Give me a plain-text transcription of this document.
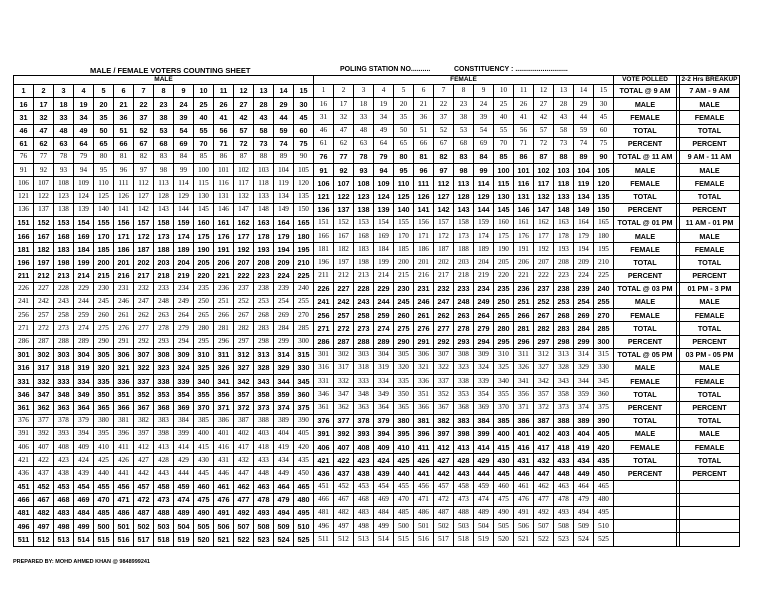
MALE / FEMALE VOTERS COUNTING SHEET	POLING STATION NO..........	CONSTITUENCY : ...........................
MALE															FEMALE															VOTE POLLED		2-2 Hrs BREAKUP
1	2	3	4	5	6	7	8	9	10	11	12	13	14	15	1	2	3	4	5	6	7	8	9	10	11	12	13	14	15	TOTAL @ 9 AM		7 AM - 9 AM
16	17	18	19	20	21	22	23	24	25	26	27	28	29	30	16	17	18	19	20	21	22	23	24	25	26	27	28	29	30	MALE		MALE
31	32	33	34	35	36	37	38	39	40	41	42	43	44	45	31	32	33	34	35	36	37	38	39	40	41	42	43	44	45	FEMALE		FEMALE
46	47	48	49	50	51	52	53	54	55	56	57	58	59	60	46	47	48	49	50	51	52	53	54	55	56	57	58	59	60	TOTAL		TOTAL
61	62	63	64	65	66	67	68	69	70	71	72	73	74	75	61	62	63	64	65	66	67	68	69	70	71	72	73	74	75	PERCENT		PERCENT
76	77	78	79	80	81	82	83	84	85	86	87	88	89	90	76	77	78	79	80	81	82	83	84	85	86	87	88	89	90	TOTAL @ 11 AM		9 AM - 11 AM
91	92	93	94	95	96	97	98	99	100	101	102	103	104	105	91	92	93	94	95	96	97	98	99	100	101	102	103	104	105	MALE		MALE
106	107	108	109	110	111	112	113	114	115	116	117	118	119	120	106	107	108	109	110	111	112	113	114	115	116	117	118	119	120	FEMALE		FEMALE
121	122	123	124	125	126	127	128	129	130	131	132	133	134	135	121	122	123	124	125	126	127	128	129	130	131	132	133	134	135	TOTAL		TOTAL
136	137	138	139	140	141	142	143	144	145	146	147	148	149	150	136	137	138	139	140	141	142	143	144	145	146	147	148	149	150	PERCENT		PERCENT
151	152	153	154	155	156	157	158	159	160	161	162	163	164	165	151	152	153	154	155	156	157	158	159	160	161	162	163	164	165	TOTAL @ 01 PM		11 AM - 01 PM
166	167	168	169	170	171	172	173	174	175	176	177	178	179	180	166	167	168	169	170	171	172	173	174	175	176	177	178	179	180	MALE		MALE
181	182	183	184	185	186	187	188	189	190	191	192	193	194	195	181	182	183	184	185	186	187	188	189	190	191	192	193	194	195	FEMALE		FEMALE
196	197	198	199	200	201	202	203	204	205	206	207	208	209	210	196	197	198	199	200	201	202	203	204	205	206	207	208	209	210	TOTAL		TOTAL
211	212	213	214	215	216	217	218	219	220	221	222	223	224	225	211	212	213	214	215	216	217	218	219	220	221	222	223	224	225	PERCENT		PERCENT
226	227	228	229	230	231	232	233	234	235	236	237	238	239	240	226	227	228	229	230	231	232	233	234	235	236	237	238	239	240	TOTAL @ 03 PM		01 PM - 3 PM
241	242	243	244	245	246	247	248	249	250	251	252	253	254	255	241	242	243	244	245	246	247	248	249	250	251	252	253	254	255	MALE		MALE
256	257	258	259	260	261	262	263	264	265	266	267	268	269	270	256	257	258	259	260	261	262	263	264	265	266	267	268	269	270	FEMALE		FEMALE
271	272	273	274	275	276	277	278	279	280	281	282	283	284	285	271	272	273	274	275	276	277	278	279	280	281	282	283	284	285	TOTAL		TOTAL
286	287	288	289	290	291	292	293	294	295	296	297	298	299	300	286	287	288	289	290	291	292	293	294	295	296	297	298	299	300	PERCENT		PERCENT
301	302	303	304	305	306	307	308	309	310	311	312	313	314	315	301	302	303	304	305	306	307	308	309	310	311	312	313	314	315	TOTAL @ 05 PM		03 PM - 05 PM
316	317	318	319	320	321	322	323	324	325	326	327	328	329	330	316	317	318	319	320	321	322	323	324	325	326	327	328	329	330	MALE		MALE
331	332	333	334	335	336	337	338	339	340	341	342	343	344	345	331	332	333	334	335	336	337	338	339	340	341	342	343	344	345	FEMALE		FEMALE
346	347	348	349	350	351	352	353	354	355	356	357	358	359	360	346	347	348	349	350	351	352	353	354	355	356	357	358	359	360	TOTAL		TOTAL
361	362	363	364	365	366	367	368	369	370	371	372	373	374	375	361	362	363	364	365	366	367	368	369	370	371	372	373	374	375	PERCENT		PERCENT
376	377	378	379	380	381	382	383	384	385	386	387	388	389	390	376	377	378	379	380	381	382	383	384	385	386	387	388	389	390	TOTAL		TOTAL
391	392	393	394	395	396	397	398	399	400	401	402	403	404	405	391	392	393	394	395	396	397	398	399	400	401	402	403	404	405	MALE		MALE
406	407	408	409	410	411	412	413	414	415	416	417	418	419	420	406	407	408	409	410	411	412	413	414	415	416	417	418	419	420	FEMALE		FEMALE
421	422	423	424	425	426	427	428	429	430	431	432	433	434	435	421	422	423	424	425	426	427	428	429	430	431	432	433	434	435	TOTAL		TOTAL
436	437	438	439	440	441	442	443	444	445	446	447	448	449	450	436	437	438	439	440	441	442	443	444	445	446	447	448	449	450	PERCENT		PERCENT
451	452	453	454	455	456	457	458	459	460	461	462	463	464	465	451	452	453	454	455	456	457	458	459	460	461	462	463	464	465			
466	467	468	469	470	471	472	473	474	475	476	477	478	479	480	466	467	468	469	470	471	472	473	474	475	476	477	478	479	480			
481	482	483	484	485	486	487	488	489	490	491	492	493	494	495	481	482	483	484	485	486	487	488	489	490	491	492	493	494	495			
496	497	498	499	500	501	502	503	504	505	506	507	508	509	510	496	497	498	499	500	501	502	503	504	505	506	507	508	509	510			
511	512	513	514	515	516	517	518	519	520	521	522	523	524	525	511	512	513	514	515	516	517	518	519	520	521	522	523	524	525			
PREPARED BY: MOHD AHMED KHAN @ 9848999241
